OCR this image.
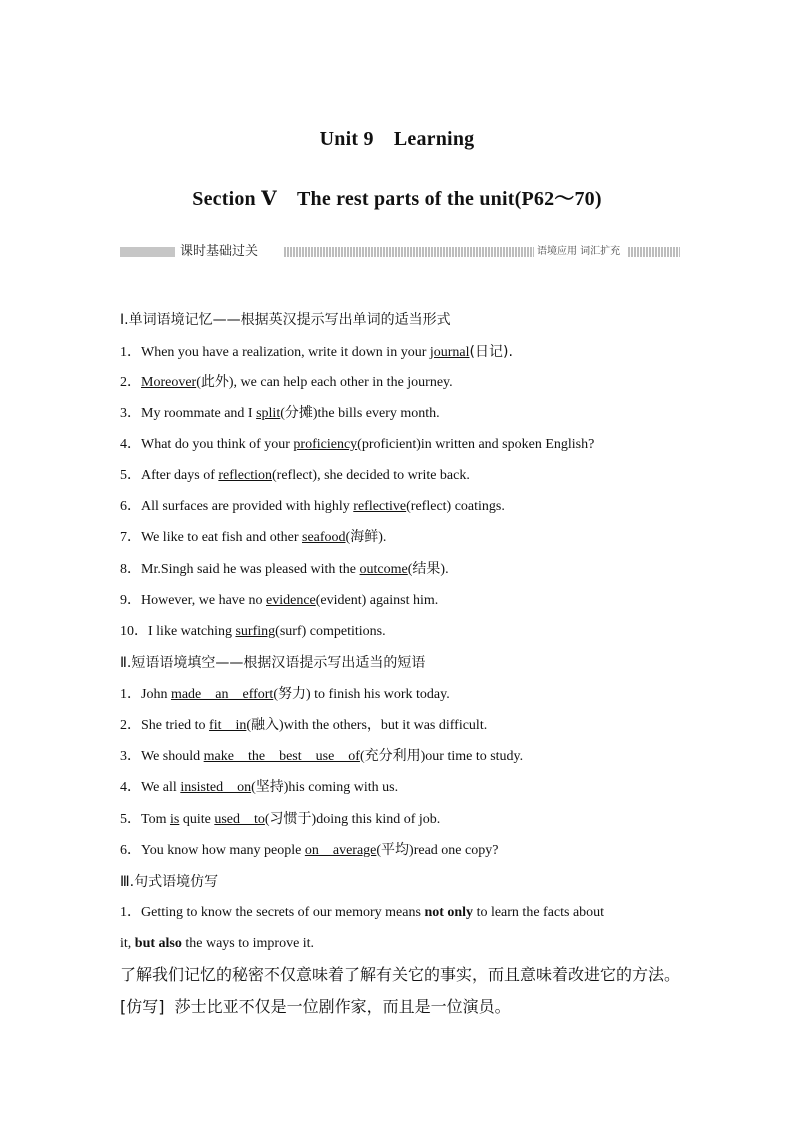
Unit 9　Learning
Section Ⅴ　The rest parts of the unit(P62～70)
课时基础过关	语境应用 词汇扩充
Ⅰ.单词语境记忆——根据英汉提示写出单词的适当形式
1．When you have a realization, write it down in your journal(日记).
2．Moreover(此外), we can help each other in the journey.
3．My roommate and I split(分摊)the bills every month.
4．What do you think of your proficiency(proficient)in written and spoken English?
5．After days of reflection(reflect), she decided to write back.
6．All surfaces are provided with highly reflective(reflect) coatings.
7．We like to eat fish and other seafood(海鲜).
8．Mr.Singh said he was pleased with the outcome(结果).
9．However, we have no evidence(evident) against him.
10．I like watching surfing(surf) competitions.
Ⅱ.短语语境填空——根据汉语提示写出适当的短语
1．John made　an　effort(努力) to finish his work today.
2．She tried to fit　in(融入)with the others，but it was difficult.
3．We should make　the　best　use　of(充分利用)our time to study.
4．We all insisted　on(坚持)his coming with us.
5．Tom is quite used　to(习惯于)doing this kind of job.
6．You know how many people on　average(平均)read one copy?
Ⅲ.句式语境仿写
1．Getting to know the secrets of our memory means not only to learn the facts about
it, but also the ways to improve it.
了解我们记忆的秘密不仅意味着了解有关它的事实，而且意味着改进它的方法。
[仿写] 莎士比亚不仅是一位剧作家，而且是一位演员。
